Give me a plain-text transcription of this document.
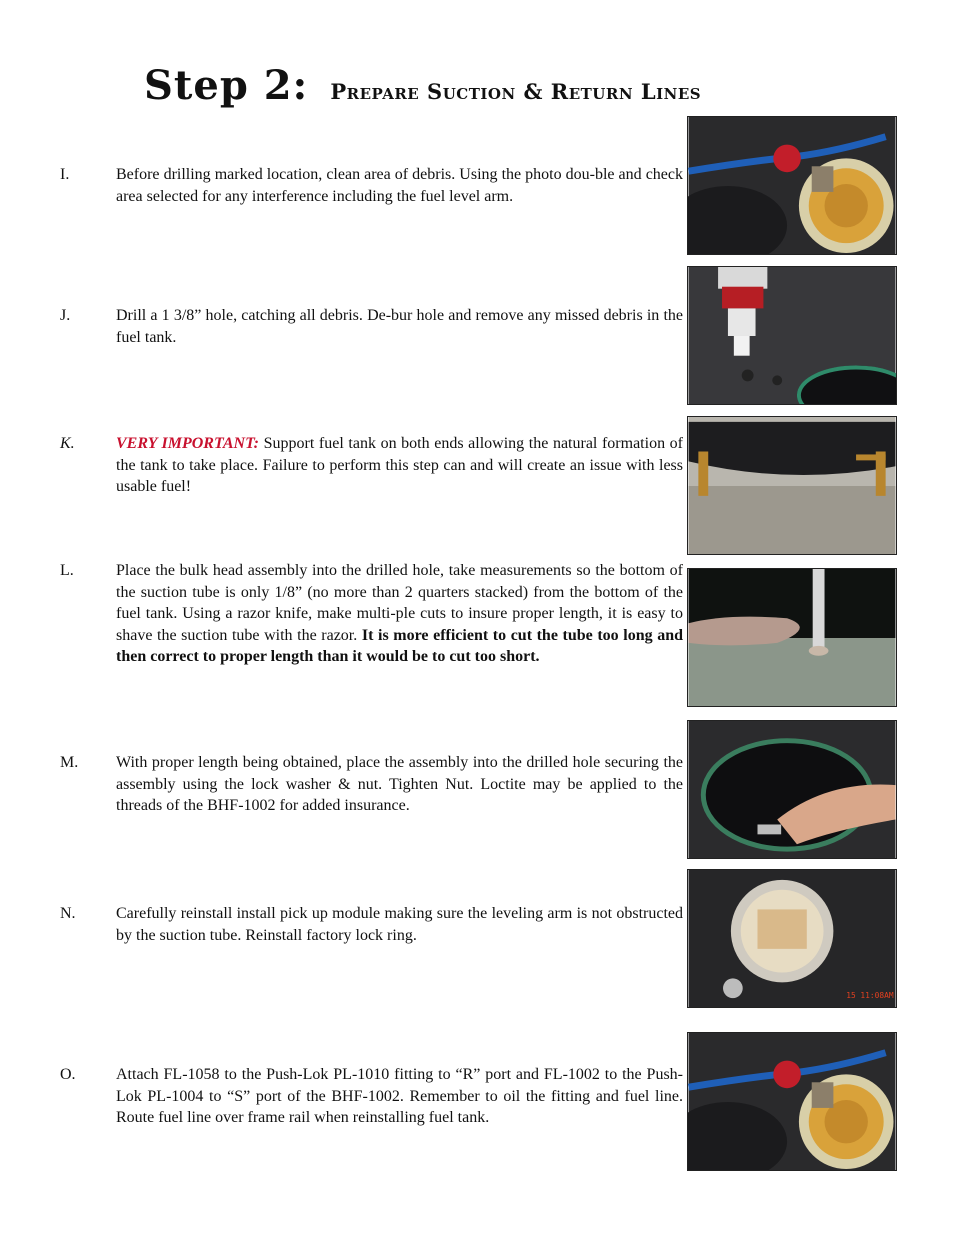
Step 2: Prepare Suction & Return Lines
I.	Before drilling marked location, clean area of debris. Using the photo dou-ble and check area selected for any interference including the fuel level arm.
J.	Drill a 1 3/8” hole, catching all debris. De-bur hole and remove any missed debris in the fuel tank.
K.	VERY IMPORTANT: Support fuel tank on both ends allowing the natural formation of the tank to take place. Failure to perform this step can and will create an issue with less usable fuel!
L.	Place the bulk head assembly into the drilled hole, take measurements so the bottom of the suction tube is only 1/8” (no more than 2 quarters stacked) from the bottom of the fuel tank. Using a razor knife, make multi-ple cuts to insure proper length, it is easy to shave the suction tube with the razor. It is more efficient to cut the tube too long and then correct to proper length than it would be to cut too short.
M. With proper length being obtained, place the assembly into the drilled hole securing the assembly using the lock washer & nut. Tighten Nut. Loctite may be applied to the threads of the BHF-1002 for added insurance.
N.	Carefully reinstall install pick up module making sure the leveling arm is not obstructed by the suction tube. Reinstall factory lock ring.
15 11:08AM
O.	Attach FL-1058 to the Push-Lok PL-1010 fitting to “R” port and FL-1002 to the Push-Lok PL-1004 to “S” port of the BHF-1002. Remember to oil the fitting and fuel line. Route fuel line over frame rail when reinstalling fuel tank.
